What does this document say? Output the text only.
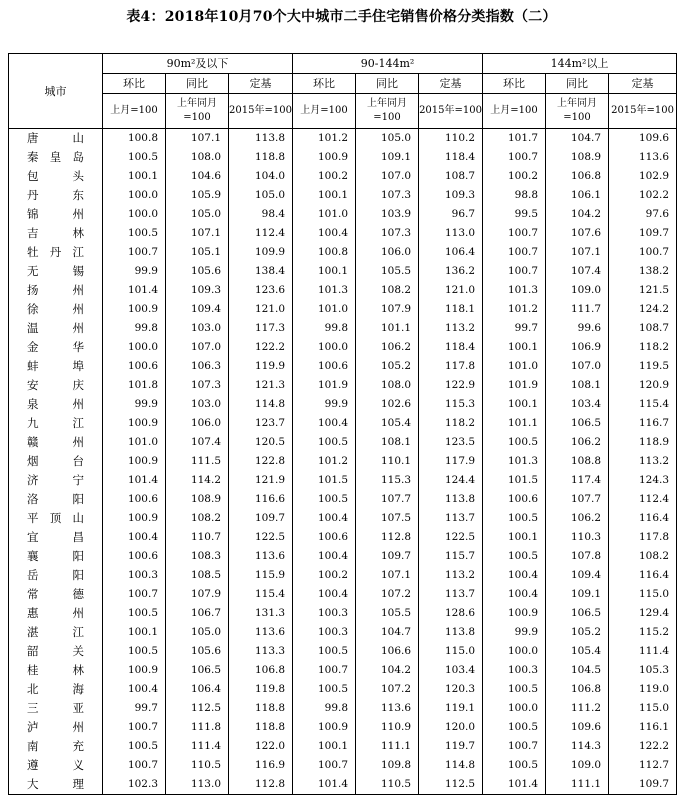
表4：2018年10月70个大中城市二手住宅销售价格分类指数（二）
城市	90m²及以下			90-144m²			144m²以上		
	环比	同比	定基	环比	同比	定基	环比	同比	定基
	上月=100	上年同月=100	2015年=100	上月=100	上年同月=100	2015年=100	上月=100	上年同月=100	2015年=100
唐山	100.8	107.1	113.8	101.2	105.0	110.2	101.7	104.7	109.6
秦皇岛	100.5	108.0	118.8	100.9	109.1	118.4	100.7	108.9	113.6
包头	100.1	104.6	104.0	100.2	107.0	108.7	100.2	106.8	102.9
丹东	100.0	105.9	105.0	100.1	107.3	109.3	98.8	106.1	102.2
锦州	100.0	105.0	98.4	101.0	103.9	96.7	99.5	104.2	97.6
吉林	100.5	107.1	112.4	100.4	107.3	113.0	100.7	107.6	109.7
牡丹江	100.7	105.1	109.9	100.8	106.0	106.4	100.7	107.1	100.7
无锡	99.9	105.6	138.4	100.1	105.5	136.2	100.7	107.4	138.2
扬州	101.4	109.3	123.6	101.3	108.2	121.0	101.3	109.0	121.5
徐州	100.9	109.4	121.0	101.0	107.9	118.1	101.2	111.7	124.2
温州	99.8	103.0	117.3	99.8	101.1	113.2	99.7	99.6	108.7
金华	100.0	107.0	122.2	100.0	106.2	118.4	100.1	106.9	118.2
蚌埠	100.6	106.3	119.9	100.6	105.2	117.8	101.0	107.0	119.5
安庆	101.8	107.3	121.3	101.9	108.0	122.9	101.9	108.1	120.9
泉州	99.9	103.0	114.8	99.9	102.6	115.3	100.1	103.4	115.4
九江	100.9	106.0	123.7	100.4	105.4	118.2	101.1	106.5	116.7
赣州	101.0	107.4	120.5	100.5	108.1	123.5	100.5	106.2	118.9
烟台	100.9	111.5	122.8	101.2	110.1	117.9	101.3	108.8	113.2
济宁	101.4	114.2	121.9	101.5	115.3	124.4	101.5	117.4	124.3
洛阳	100.6	108.9	116.6	100.5	107.7	113.8	100.6	107.7	112.4
平顶山	100.9	108.2	109.7	100.4	107.5	113.7	100.5	106.2	116.4
宜昌	100.4	110.7	122.5	100.6	112.8	122.5	100.1	110.3	117.8
襄阳	100.6	108.3	113.6	100.4	109.7	115.7	100.5	107.8	108.2
岳阳	100.3	108.5	115.9	100.2	107.1	113.2	100.4	109.4	116.4
常德	100.7	107.9	115.4	100.4	107.2	113.7	100.4	109.1	115.0
惠州	100.5	106.7	131.3	100.3	105.5	128.6	100.9	106.5	129.4
湛江	100.1	105.0	113.6	100.3	104.7	113.8	99.9	105.2	115.2
韶关	100.5	105.6	113.3	100.5	106.6	115.0	100.0	105.4	111.4
桂林	100.9	106.5	106.8	100.7	104.2	103.4	100.3	104.5	105.3
北海	100.4	106.4	119.8	100.5	107.2	120.3	100.5	106.8	119.0
三亚	99.7	112.5	118.8	99.8	113.6	119.1	100.0	111.2	115.0
泸州	100.7	111.8	118.8	100.9	110.9	120.0	100.5	109.6	116.1
南充	100.5	111.4	122.0	100.1	111.1	119.7	100.7	114.3	122.2
遵义	100.7	110.5	116.9	100.7	109.8	114.8	100.5	109.0	112.7
大理	102.3	113.0	112.8	101.4	110.5	112.5	101.4	111.1	109.7
